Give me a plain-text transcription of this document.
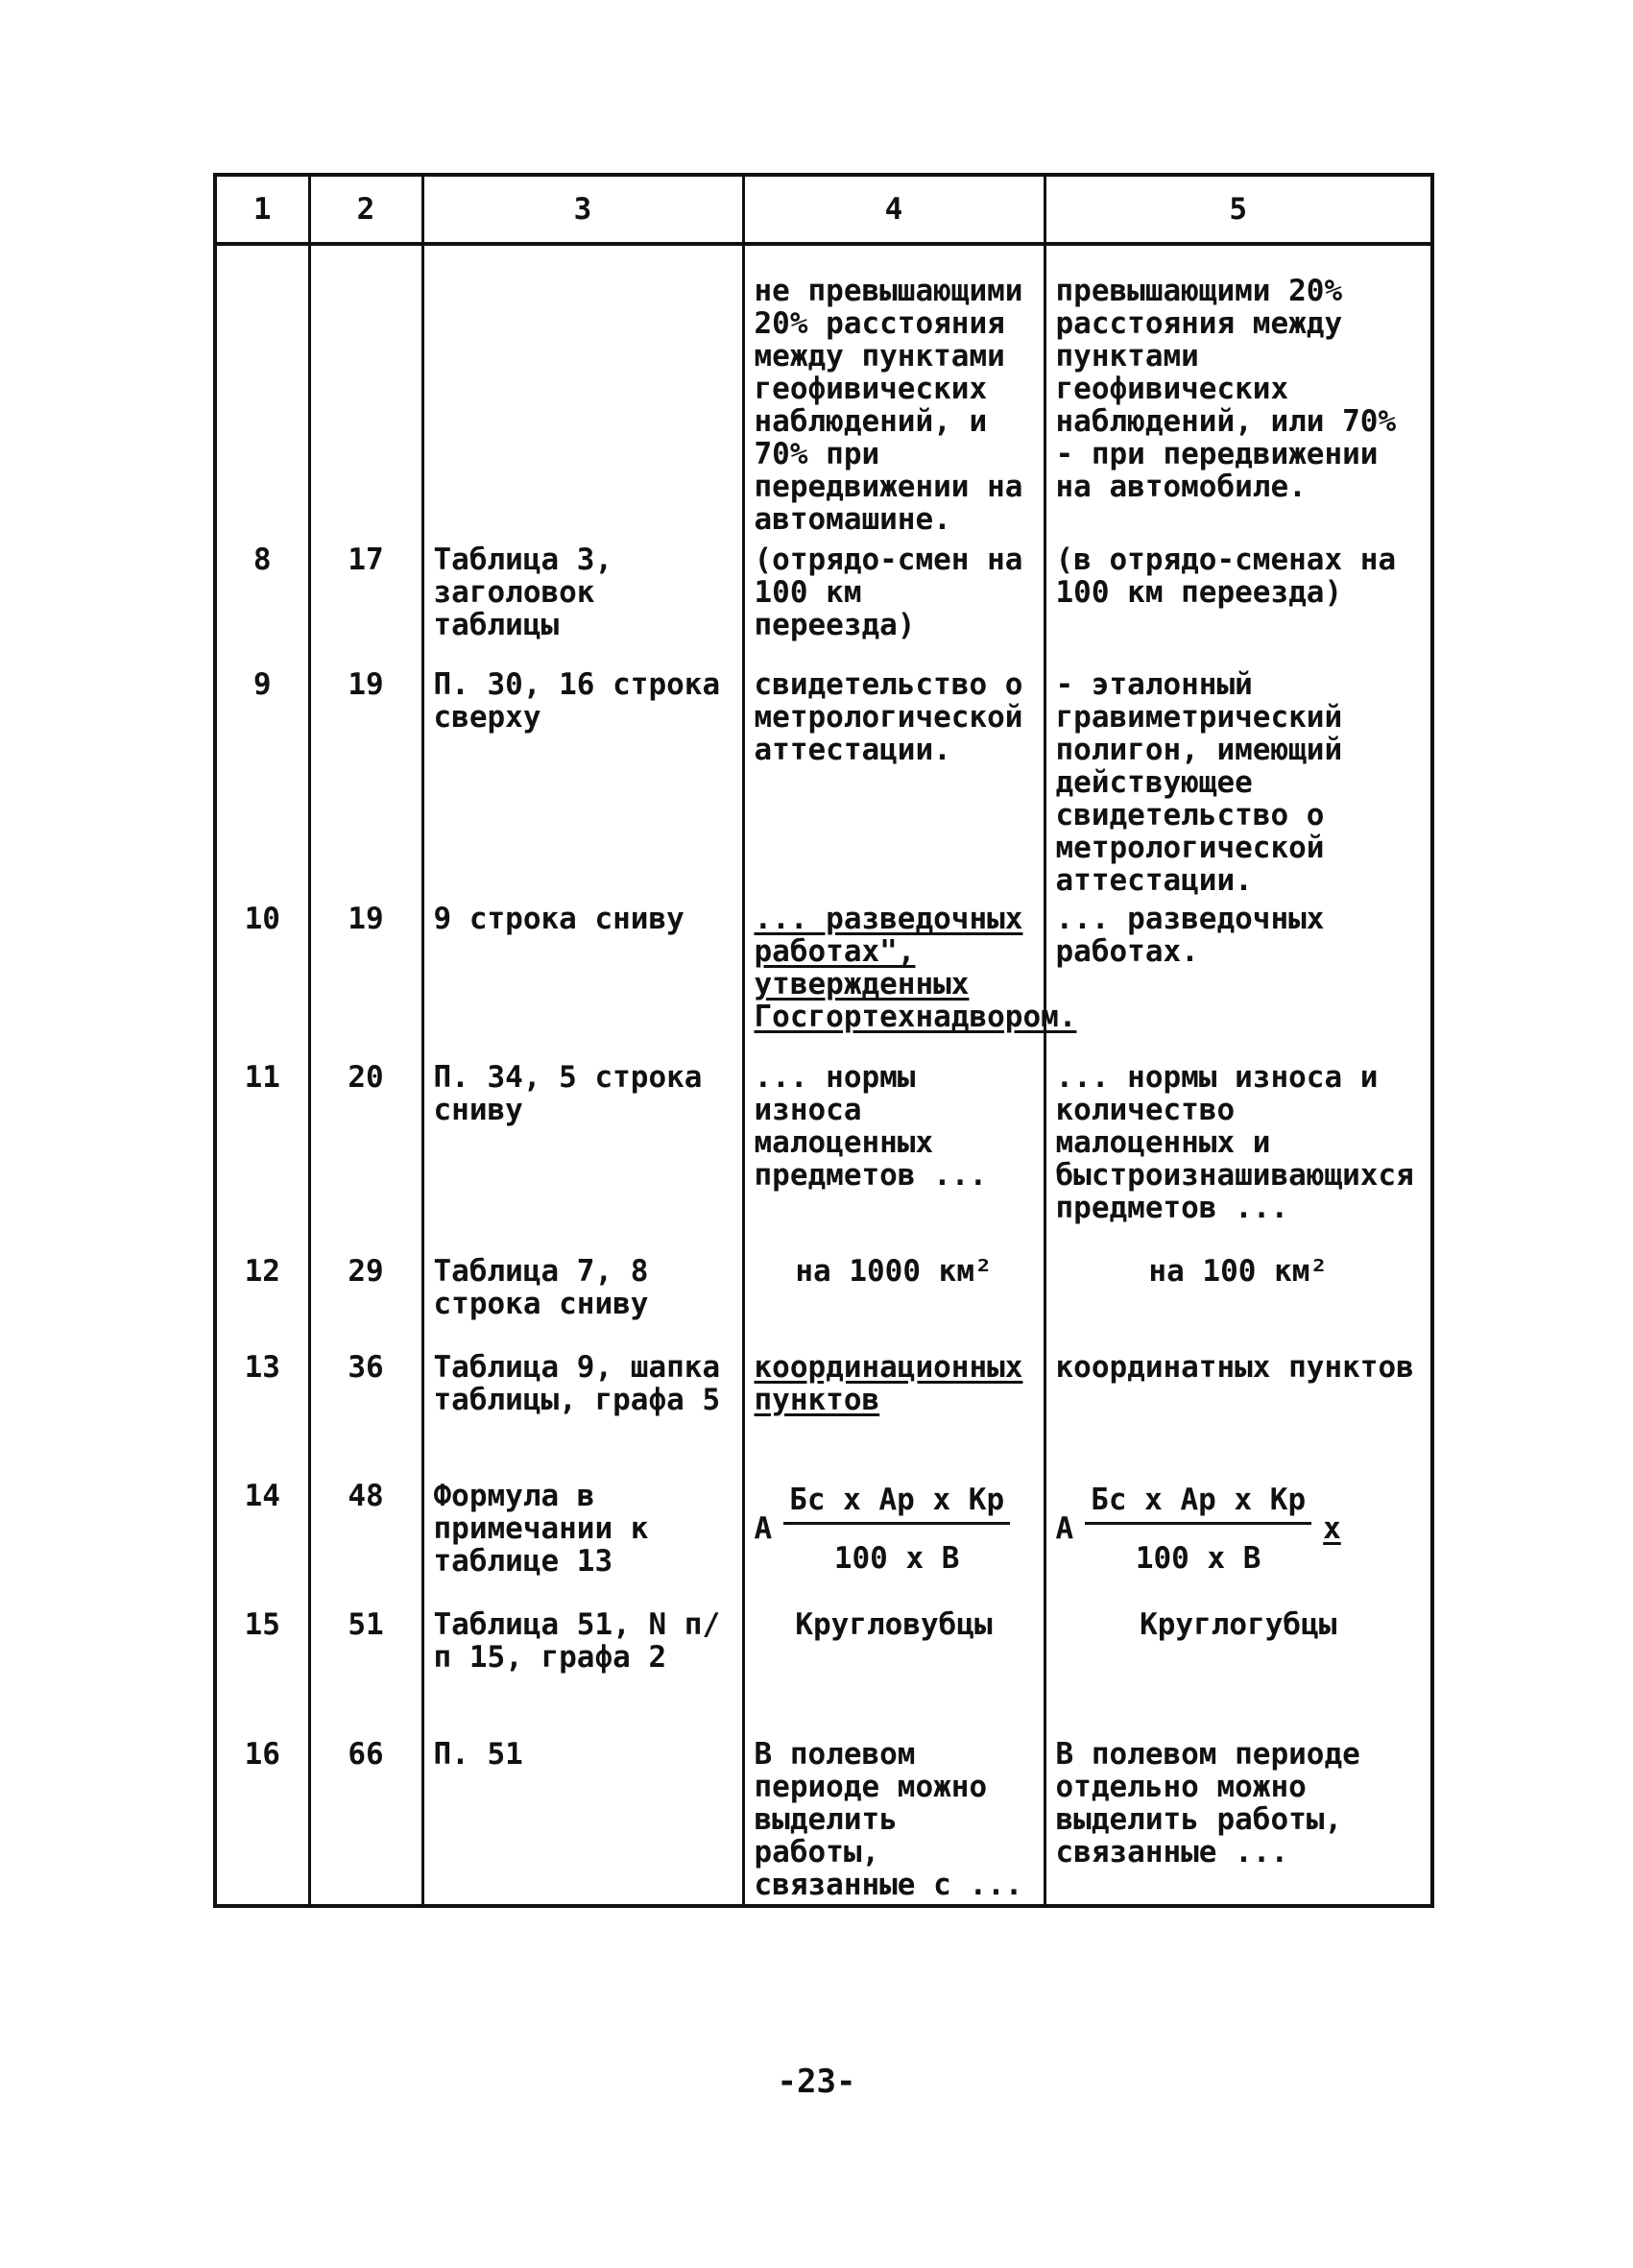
1	2	3	4	5
			не превышающими 20% расстояния между пунктами геофивических наблюдений, и 70% при передвижении на автомашине.	превышающими 20% расстояния между пунктами геофивических наблюдений, или 70% - при передвижении на автомобиле.
8	17	Таблица 3, заголовок таблицы	(отрядо-смен на 100 км переезда)	(в отрядо-сменах на 100 км переезда)
9	19	П. 30, 16 строка сверху	свидетельство о метрологической аттестации.	- эталонный гравиметрический полигон, имеющий действующее свидетельство о метрологической аттестации.
10	19	9 строка сниву	... разведочных работах", утвержденных Госгортехнадвором.	... разведочных работах.
11	20	П. 34, 5 строка сниву	... нормы износа малоценных предметов ...	... нормы износа и количество малоценных и быстроизнашивающихся предметов ...
12	29	Таблица 7, 8 строка сниву	на 1000 км²	на 100 км²
13	36	Таблица 9, шапка таблицы, графа 5	координационных пунктов	координатных пунктов
14	48	Формула в примечании к таблице 13	А $\frac{\text{Бс х Ар х Кр}}{\text{100 х В}}$	А $\frac{\text{Бс х Ар х Кр}}{\text{100 х В}}$ х

15	51	Таблица 51, N п/п 15, графа 2	Кругловубцы	Круглогубцы
16	66	П. 51	В полевом периоде можно выделить работы, связанные с ...	В полевом периоде отдельно можно выделить работы, связанные ...
-23-
